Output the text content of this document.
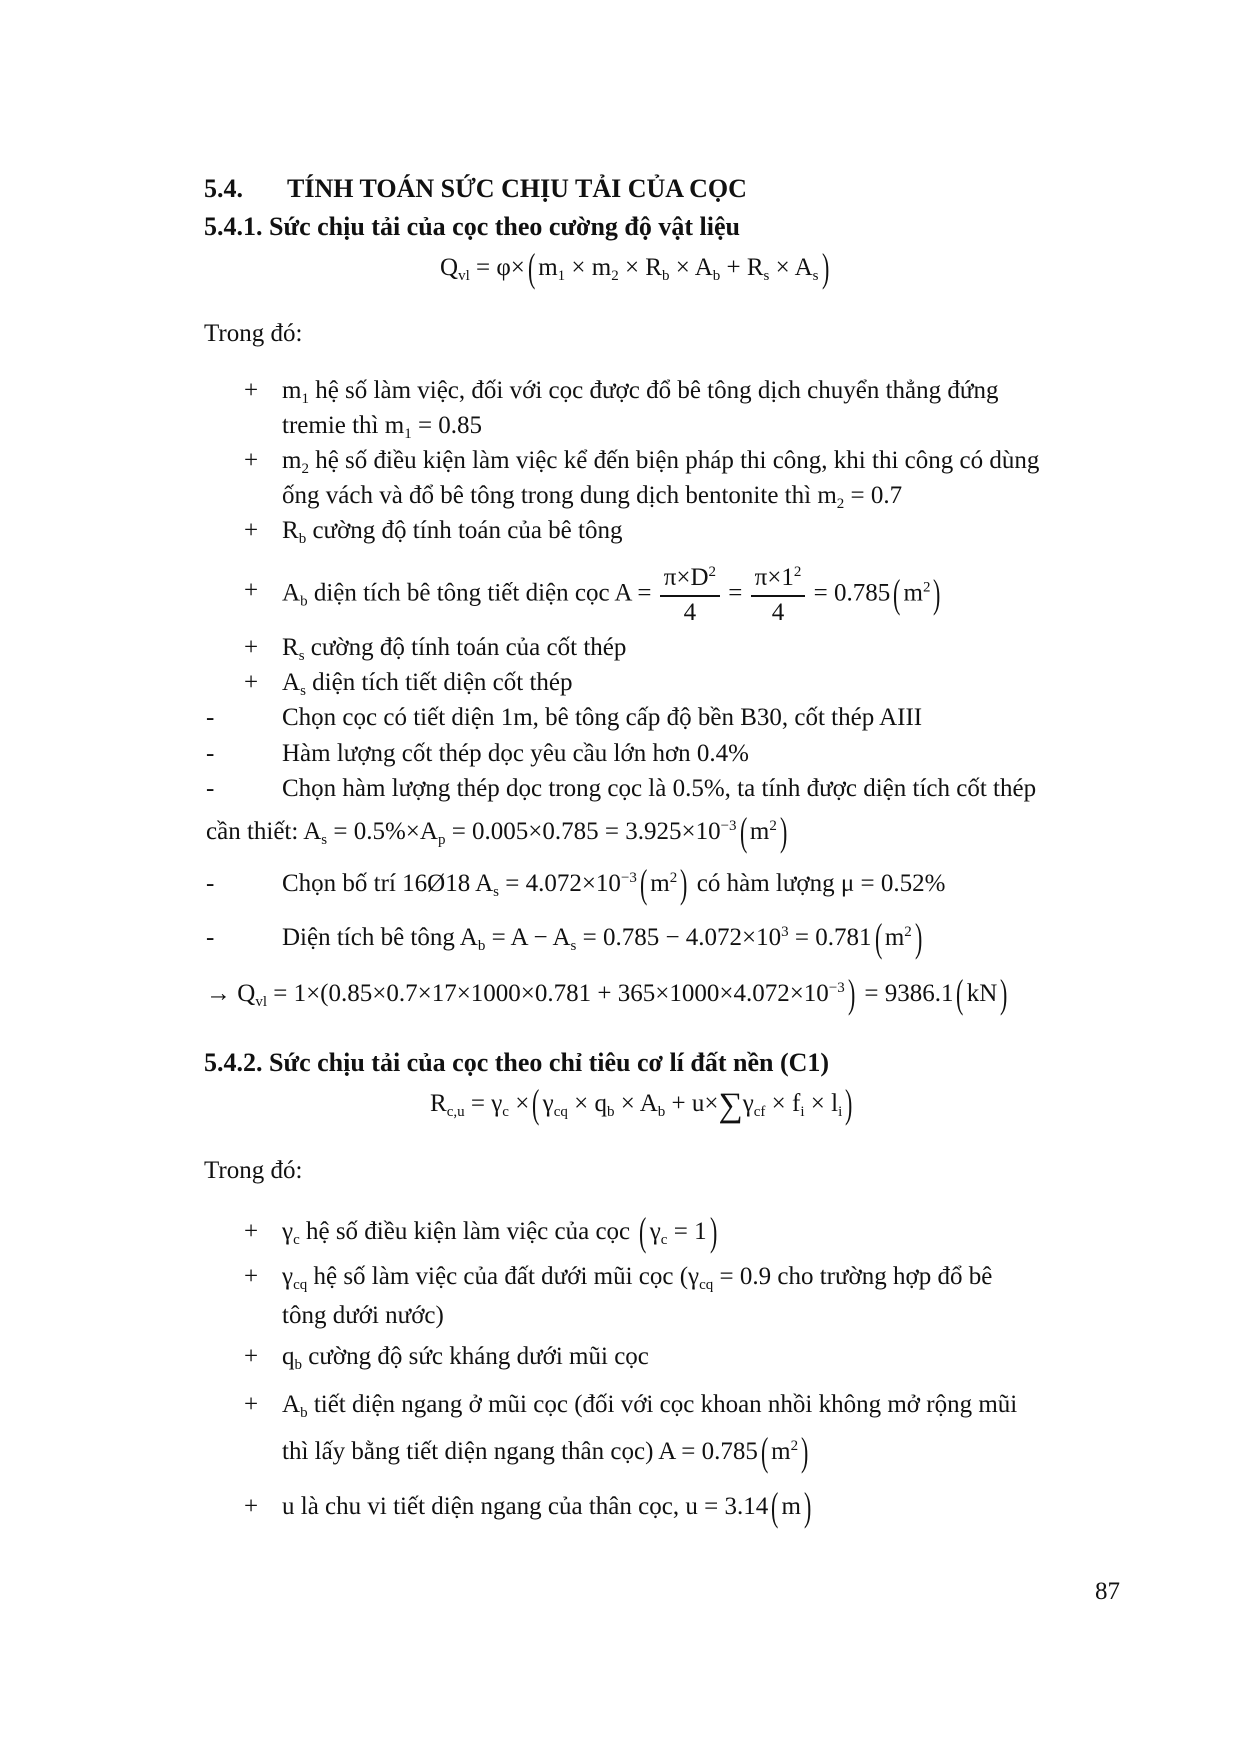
5.4. TÍNH TOÁN SỨC CHỊU TẢI CỦA CỌC
5.4.1. Sức chịu tải của cọc theo cường độ vật liệu
$Q_{vl} = \varphi\times$( $m_1 \times m_2 \times R_b \times A_b + R_s \times A_s$)
Trong đó:
+ $m_1$ hệ số làm việc, đối với cọc được đổ bê tông dịch chuyển thẳng đứng
tremie thì $m_1 = 0.85$
+ $m_2$ hệ số điều kiện làm việc kể đến biện pháp thi công, khi thi công có dùng
ống vách và đổ bê tông trong dung dịch bentonite thì $m_2 = 0.7$
+ $R_b$ cường độ tính toán của bê tông
+ $A_b$ diện tích bê tông tiết diện cọc $A = \frac{\pi\times D^2}{4} = \frac{\pi\times 1^2}{4} = 0.785$( $m^2$)
+ $R_s$ cường độ tính toán của cốt thép
+ $A_s$ diện tích tiết diện cốt thép
-	Chọn cọc có tiết diện 1m, bê tông cấp độ bền B30, cốt thép AIII
-	Hàm lượng cốt thép dọc yêu cầu lớn hơn 0.4%
-	Chọn hàm lượng thép dọc trong cọc là 0.5%, ta tính được diện tích cốt thép
cần thiết: $A_s = 0.5\%\times A_p = 0.005\times 0.785 = 3.925\times 10^{-3}$( $m^2$)
-	Chọn bố trí 16Ø18 $A_s = 4.072\times 10^{-3}$( $m^2$) có hàm lượng μ = 0.52%
-	Diện tích bê tông $A_b = A - A_s = 0.785 - 4.072\times 10^3 = 0.781$( $m^2$)
→ $Q_{vl} = 1\times(0.85\times 0.7\times 17\times 1000\times 0.781 + 365\times 1000\times 4.072\times 10^{-3}) = 9386.1$( kN)
5.4.2. Sức chịu tải của cọc theo chỉ tiêu cơ lí đất nền (C1)
$R_{c,u} = \gamma_c$ ×( $\gamma_{cq} \times q_b \times A_b + u\times\sum\gamma_{cf} \times f_i \times l_i$)
Trong đó:
+ $\gamma_c$ hệ số điều kiện làm việc của cọc ( $\gamma_c = 1$)
+ $\gamma_{cq}$ hệ số làm việc của đất dưới mũi cọc ($\gamma_{cq} = 0.9$ cho trường hợp đổ bê
tông dưới nước)
+ $q_b$ cường độ sức kháng dưới mũi cọc
+ $A_b$ tiết diện ngang ở mũi cọc (đối với cọc khoan nhồi không mở rộng mũi
thì lấy bằng tiết diện ngang thân cọc) A = 0.785( $m^2$)
+ u là chu vi tiết diện ngang của thân cọc, u = 3.14( m)
87
